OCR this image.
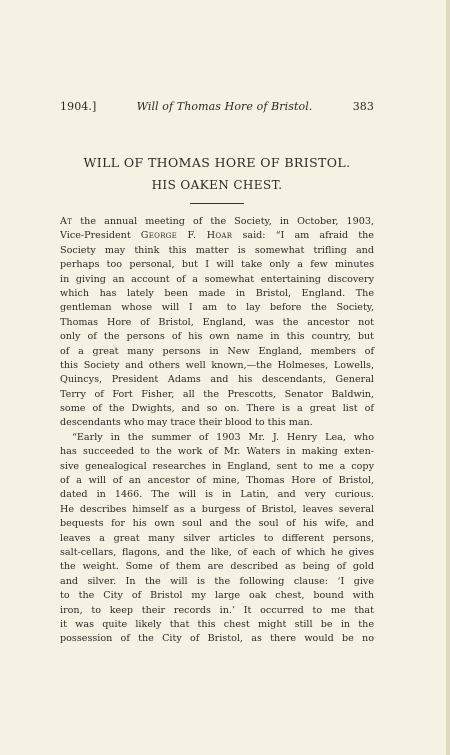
1904.]	Will of Thomas Hore of Bristol.	383
WILL OF THOMAS HORE OF BRISTOL.
HIS OAKEN CHEST.
At the annual meeting of the Society, in October, 1903,
Vice-President George F. Hoar said: “I am afraid the
Society may think this matter is somewhat trifling and
perhaps too personal, but I will take only a few minutes
in giving an account of a somewhat entertaining discovery
which has lately been made in Bristol, England. The
gentleman whose will I am to lay before the Society,
Thomas Hore of Bristol, England, was the ancestor not
only of the persons of his own name in this country, but
of a great many persons in New England, members of
this Society and others well known,—the Holmeses, Lowells,
Quincys, President Adams and his descendants, General
Terry of Fort Fisher, all the Prescotts, Senator Baldwin,
some of the Dwights, and so on. There is a great list of
descendants who may trace their blood to this man.
“Early in the summer of 1903 Mr. J. Henry Lea, who
has succeeded to the work of Mr. Waters in making exten-
sive genealogical researches in England, sent to me a copy
of a will of an ancestor of mine, Thomas Hore of Bristol,
dated in 1466. The will is in Latin, and very curious.
He describes himself as a burgess of Bristol, leaves several
bequests for his own soul and the soul of his wife, and
leaves a great many silver articles to different persons,
salt-cellars, flagons, and the like, of each of which he gives
the weight. Some of them are described as being of gold
and silver. In the will is the following clause: ‘I give
to the City of Bristol my large oak chest, bound with
iron, to keep their records in.’ It occurred to me that
it was quite likely that this chest might still be in the
possession of the City of Bristol, as there would be no
